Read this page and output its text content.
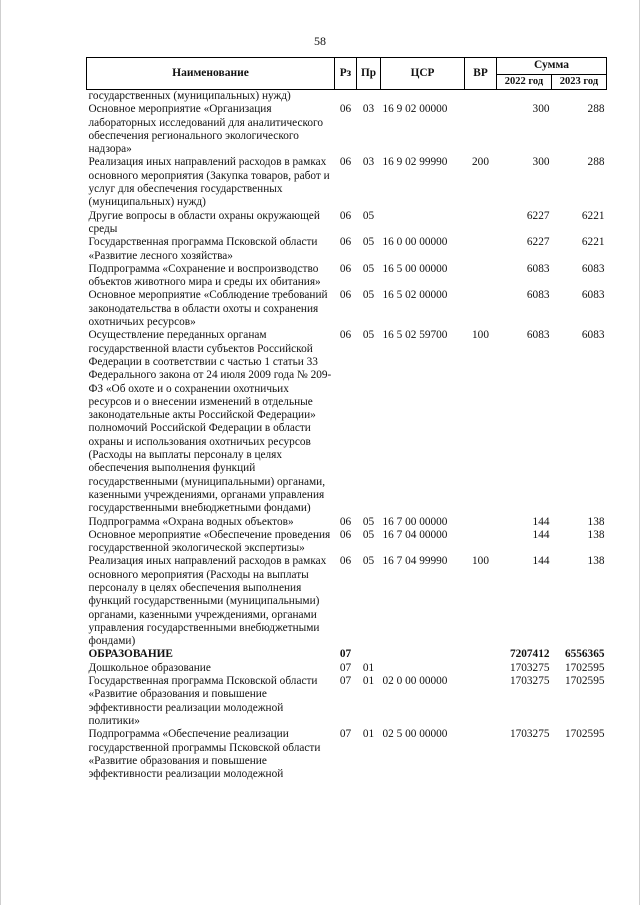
58
Наименование	Рз	Пр	ЦСР	ВР	Сумма	
					2022 год	2023 год
государственных (муниципальных) нужд)						
Основное мероприятие «Организация лабораторных исследований для аналитического обеспечения регионального экологического надзора»	06	03	16 9 02 00000		300	288
Реализация иных направлений расходов в рамках основного мероприятия (Закупка товаров, работ и услуг для обеспечения государственных (муниципальных) нужд)	06	03	16 9 02 99990	200	300	288
Другие вопросы в области охраны окружающей среды	06	05			6227	6221
Государственная программа Псковской области «Развитие лесного хозяйства»	06	05	16 0 00 00000		6227	6221
Подпрограмма «Сохранение и воспроизводство объектов животного мира и среды их обитания»	06	05	16 5 00 00000		6083	6083
Основное мероприятие «Соблюдение требований законодательства в области охоты и сохранения охотничьих ресурсов»	06	05	16 5 02 00000		6083	6083
Осуществление переданных органам государственной власти субъектов Российской Федерации в соответствии с частью 1 статьи 33 Федерального закона от 24 июля 2009 года № 209-ФЗ «Об охоте и о сохранении охотничьих ресурсов и о внесении изменений в отдельные законодательные акты Российской Федерации» полномочий Российской Федерации в области охраны и использования охотничьих ресурсов (Расходы на выплаты персоналу в целях обеспечения выполнения функций государственными (муниципальными) органами, казенными учреждениями, органами управления государственными внебюджетными фондами)	06	05	16 5 02 59700	100	6083	6083
Подпрограмма «Охрана водных объектов»	06	05	16 7 00 00000		144	138
Основное мероприятие «Обеспечение проведения государственной экологической экспертизы»	06	05	16 7 04 00000		144	138
Реализация иных направлений расходов в рамках основного мероприятия (Расходы на выплаты персоналу в целях обеспечения выполнения функций государственными (муниципальными) органами, казенными учреждениями, органами управления государственными внебюджетными фондами)	06	05	16 7 04 99990	100	144	138
ОБРАЗОВАНИЕ	07				7207412	6556365
Дошкольное образование	07	01			1703275	1702595
Государственная программа Псковской области «Развитие образования и повышение эффективности реализации молодежной политики»	07	01	02 0 00 00000		1703275	1702595
Подпрограмма «Обеспечение реализации государственной программы Псковской области «Развитие образования и повышение эффективности реализации молодежной	07	01	02 5 00 00000		1703275	1702595
